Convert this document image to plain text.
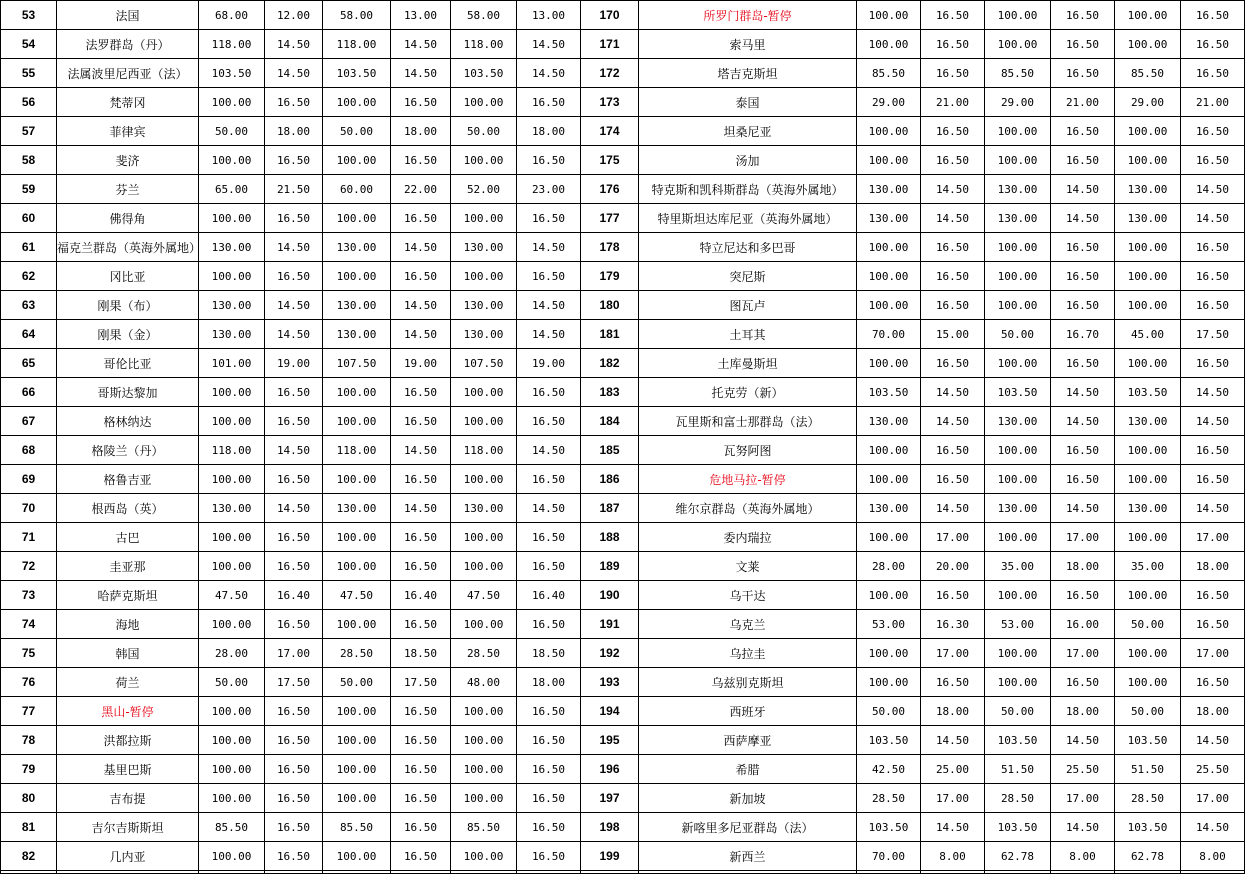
53	法国	68.00	12.00	58.00	13.00	58.00	13.00	170	所罗门群岛-暂停	100.00	16.50	100.00	16.50	100.00	16.50
54	法罗群岛（丹）	118.00	14.50	118.00	14.50	118.00	14.50	171	索马里	100.00	16.50	100.00	16.50	100.00	16.50
55	法属波里尼西亚（法）	103.50	14.50	103.50	14.50	103.50	14.50	172	塔吉克斯坦	85.50	16.50	85.50	16.50	85.50	16.50
56	梵蒂冈	100.00	16.50	100.00	16.50	100.00	16.50	173	泰国	29.00	21.00	29.00	21.00	29.00	21.00
57	菲律宾	50.00	18.00	50.00	18.00	50.00	18.00	174	坦桑尼亚	100.00	16.50	100.00	16.50	100.00	16.50
58	斐济	100.00	16.50	100.00	16.50	100.00	16.50	175	汤加	100.00	16.50	100.00	16.50	100.00	16.50
59	芬兰	65.00	21.50	60.00	22.00	52.00	23.00	176	特克斯和凯科斯群岛（英海外属地）	130.00	14.50	130.00	14.50	130.00	14.50
60	佛得角	100.00	16.50	100.00	16.50	100.00	16.50	177	特里斯坦达库尼亚（英海外属地）	130.00	14.50	130.00	14.50	130.00	14.50
61	福克兰群岛（英海外属地）	130.00	14.50	130.00	14.50	130.00	14.50	178	特立尼达和多巴哥	100.00	16.50	100.00	16.50	100.00	16.50
62	冈比亚	100.00	16.50	100.00	16.50	100.00	16.50	179	突尼斯	100.00	16.50	100.00	16.50	100.00	16.50
63	刚果（布）	130.00	14.50	130.00	14.50	130.00	14.50	180	图瓦卢	100.00	16.50	100.00	16.50	100.00	16.50
64	刚果（金）	130.00	14.50	130.00	14.50	130.00	14.50	181	土耳其	70.00	15.00	50.00	16.70	45.00	17.50
65	哥伦比亚	101.00	19.00	107.50	19.00	107.50	19.00	182	土库曼斯坦	100.00	16.50	100.00	16.50	100.00	16.50
66	哥斯达黎加	100.00	16.50	100.00	16.50	100.00	16.50	183	托克劳（新）	103.50	14.50	103.50	14.50	103.50	14.50
67	格林纳达	100.00	16.50	100.00	16.50	100.00	16.50	184	瓦里斯和富士那群岛（法）	130.00	14.50	130.00	14.50	130.00	14.50
68	格陵兰（丹）	118.00	14.50	118.00	14.50	118.00	14.50	185	瓦努阿图	100.00	16.50	100.00	16.50	100.00	16.50
69	格鲁吉亚	100.00	16.50	100.00	16.50	100.00	16.50	186	危地马拉-暂停	100.00	16.50	100.00	16.50	100.00	16.50
70	根西岛（英）	130.00	14.50	130.00	14.50	130.00	14.50	187	维尔京群岛（英海外属地）	130.00	14.50	130.00	14.50	130.00	14.50
71	古巴	100.00	16.50	100.00	16.50	100.00	16.50	188	委内瑞拉	100.00	17.00	100.00	17.00	100.00	17.00
72	圭亚那	100.00	16.50	100.00	16.50	100.00	16.50	189	文莱	28.00	20.00	35.00	18.00	35.00	18.00
73	哈萨克斯坦	47.50	16.40	47.50	16.40	47.50	16.40	190	乌干达	100.00	16.50	100.00	16.50	100.00	16.50
74	海地	100.00	16.50	100.00	16.50	100.00	16.50	191	乌克兰	53.00	16.30	53.00	16.00	50.00	16.50
75	韩国	28.00	17.00	28.50	18.50	28.50	18.50	192	乌拉圭	100.00	17.00	100.00	17.00	100.00	17.00
76	荷兰	50.00	17.50	50.00	17.50	48.00	18.00	193	乌兹别克斯坦	100.00	16.50	100.00	16.50	100.00	16.50
77	黑山-暂停	100.00	16.50	100.00	16.50	100.00	16.50	194	西班牙	50.00	18.00	50.00	18.00	50.00	18.00
78	洪都拉斯	100.00	16.50	100.00	16.50	100.00	16.50	195	西萨摩亚	103.50	14.50	103.50	14.50	103.50	14.50
79	基里巴斯	100.00	16.50	100.00	16.50	100.00	16.50	196	希腊	42.50	25.00	51.50	25.50	51.50	25.50
80	吉布提	100.00	16.50	100.00	16.50	100.00	16.50	197	新加坡	28.50	17.00	28.50	17.00	28.50	17.00
81	吉尔吉斯斯坦	85.50	16.50	85.50	16.50	85.50	16.50	198	新喀里多尼亚群岛（法）	103.50	14.50	103.50	14.50	103.50	14.50
82	几内亚	100.00	16.50	100.00	16.50	100.00	16.50	199	新西兰	70.00	8.00	62.78	8.00	62.78	8.00
